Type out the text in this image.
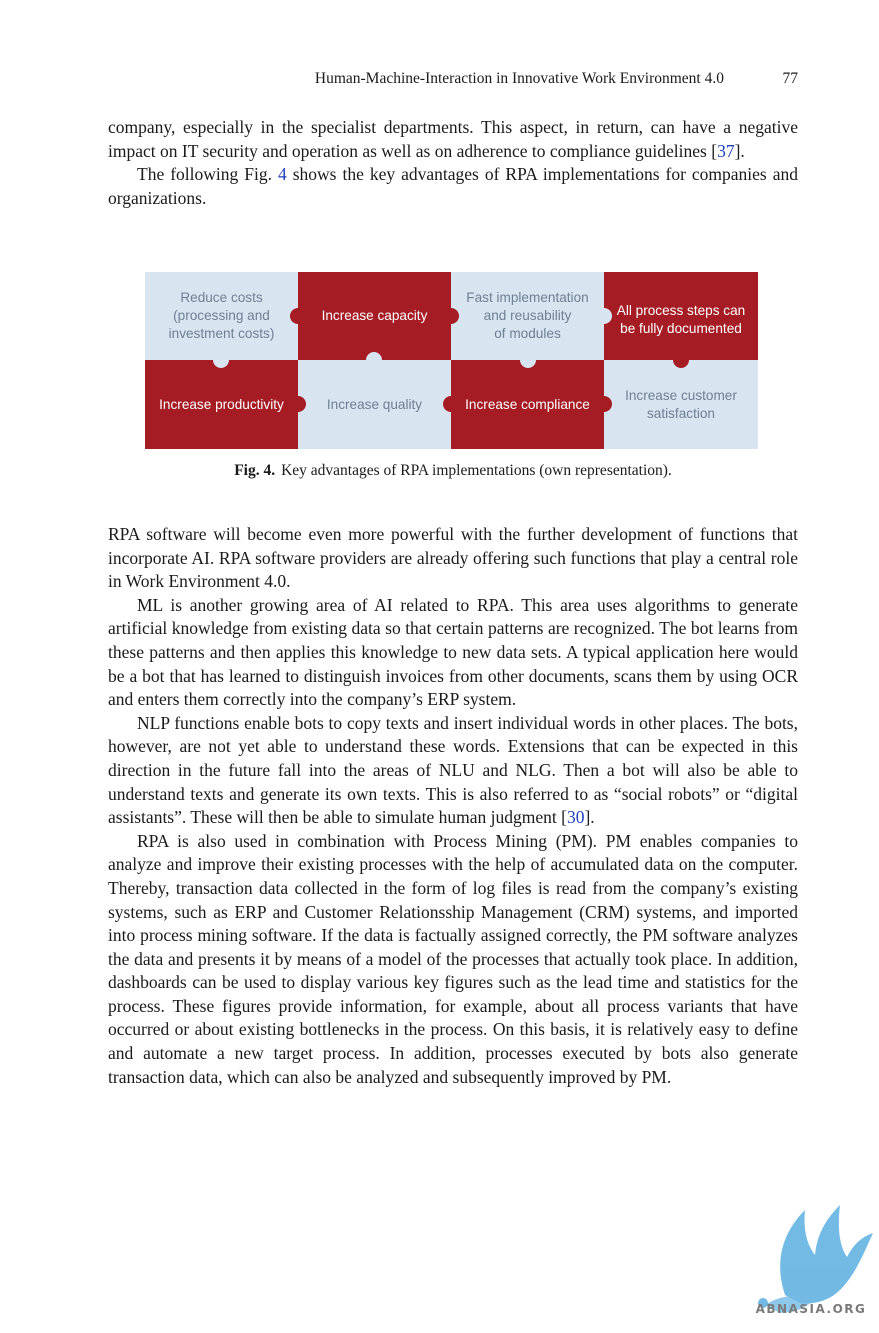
Human-Machine-Interaction in Innovative Work Environment 4.0	77

company, especially in the specialist departments. This aspect, in return, can have a negative impact on IT security and operation as well as on adherence to compliance guidelines [37].

The following Fig. 4 shows the key advantages of RPA implementations for companies and organizations.

Reduce costs
(processing and
investment costs)
Increase capacity
Fast implementation
and reusability
of modules
All process steps can
be fully documented
Increase productivity	Increase quality	Increase compliance
Increase customer
satisfaction
Fig. 4. Key advantages of RPA implementations (own representation).

RPA software will become even more powerful with the further development of functions that incorporate AI. RPA software providers are already offering such functions that play a central role in Work Environment 4.0.

ML is another growing area of AI related to RPA. This area uses algorithms to generate artificial knowledge from existing data so that certain patterns are recognized. The bot learns from these patterns and then applies this knowledge to new data sets. A typical application here would be a bot that has learned to distinguish invoices from other documents, scans them by using OCR and enters them correctly into the company’s ERP system.

NLP functions enable bots to copy texts and insert individual words in other places. The bots, however, are not yet able to understand these words. Extensions that can be expected in this direction in the future fall into the areas of NLU and NLG. Then a bot will also be able to understand texts and generate its own texts. This is also referred to as “social robots” or “digital assistants”. These will then be able to simulate human judgment [30].

RPA is also used in combination with Process Mining (PM). PM enables companies to analyze and improve their existing processes with the help of accumulated data on the computer. Thereby, transaction data collected in the form of log files is read from the company’s existing systems, such as ERP and Customer Relationsship Management (CRM) systems, and imported into process mining software. If the data is factually assigned correctly, the PM software analyzes the data and presents it by means of a model of the processes that actually took place. In addition, dashboards can be used to display various key figures such as the lead time and statistics for the process. These figures provide information, for example, about all process variants that have occurred or about existing bottlenecks in the process. On this basis, it is relatively easy to define and automate a new target process. In addition, processes executed by bots also generate transaction data, which can also be analyzed and subsequently improved by PM.

ABNASIA.ORG
